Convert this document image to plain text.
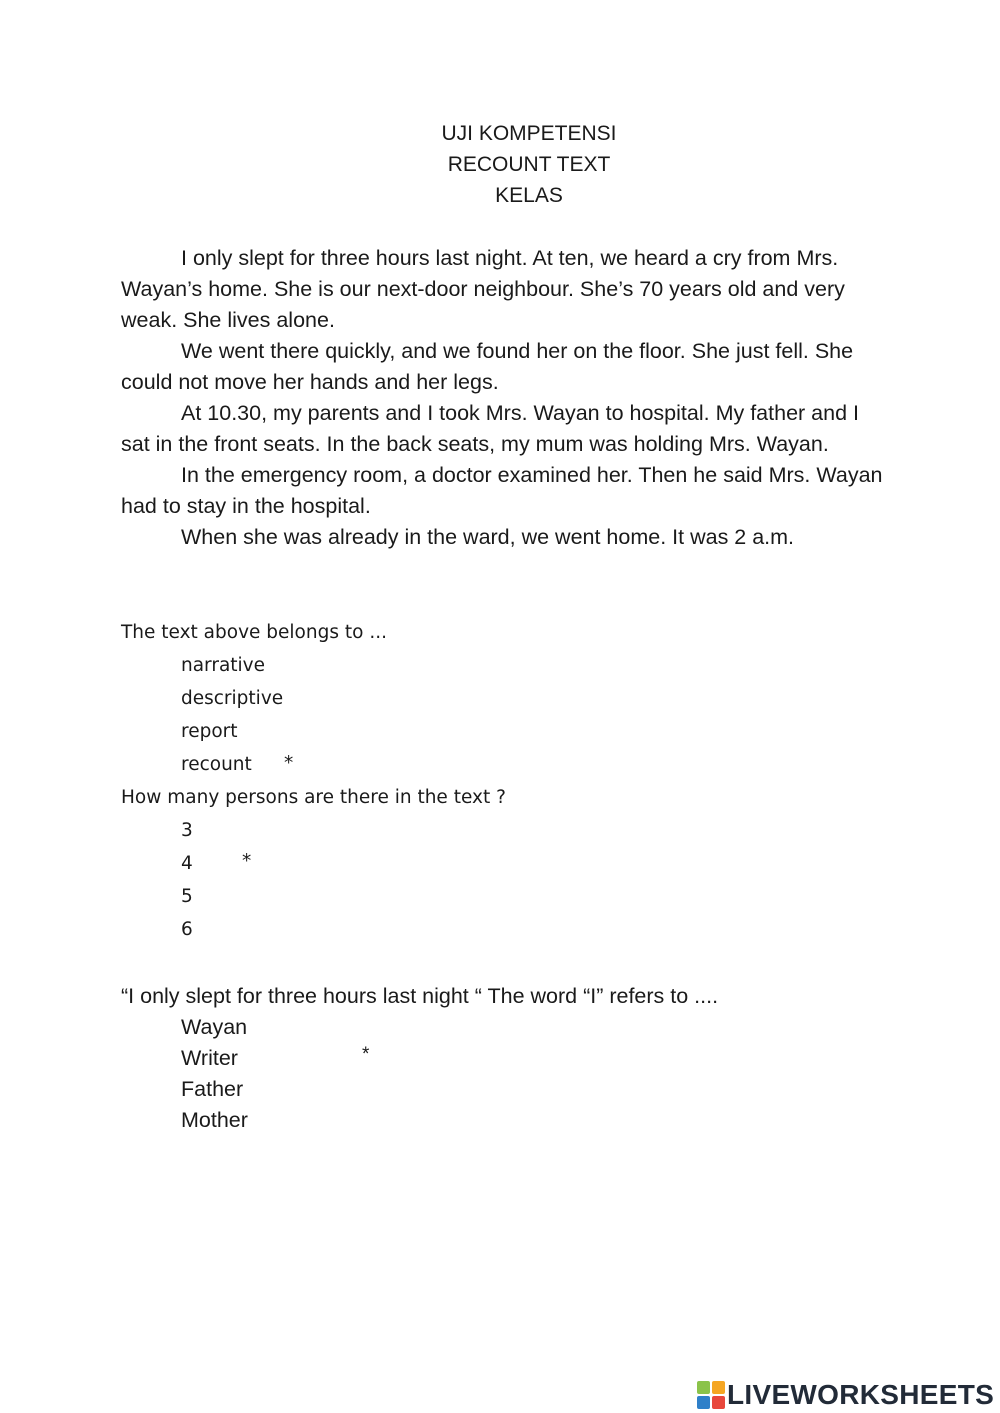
UJI KOMPETENSI
RECOUNT TEXT
KELAS

I only slept for three hours last night. At ten, we heard a cry from Mrs. Wayan’s home. She is our next-door neighbour. She’s 70 years old and very weak. She lives alone.

We went there quickly, and we found her on the floor. She just fell. She could not move her hands and her legs.

At 10.30, my parents and I took Mrs. Wayan to hospital. My father and I sat in the front seats. In the back seats, my mum was holding Mrs. Wayan.

In the emergency room, a doctor examined her. Then he said Mrs. Wayan had to stay in the hospital.

When she was already in the ward, we went home. It was 2 a.m.

The text above belongs to ...
narrative
descriptive
report
recount *
How many persons are there in the text ?
3
4
5
6
*
“I only slept for three hours last night “ The word “I” refers to ....
Wayan
Writer
Father
Mother
*
LIVEWORKSHEETS
